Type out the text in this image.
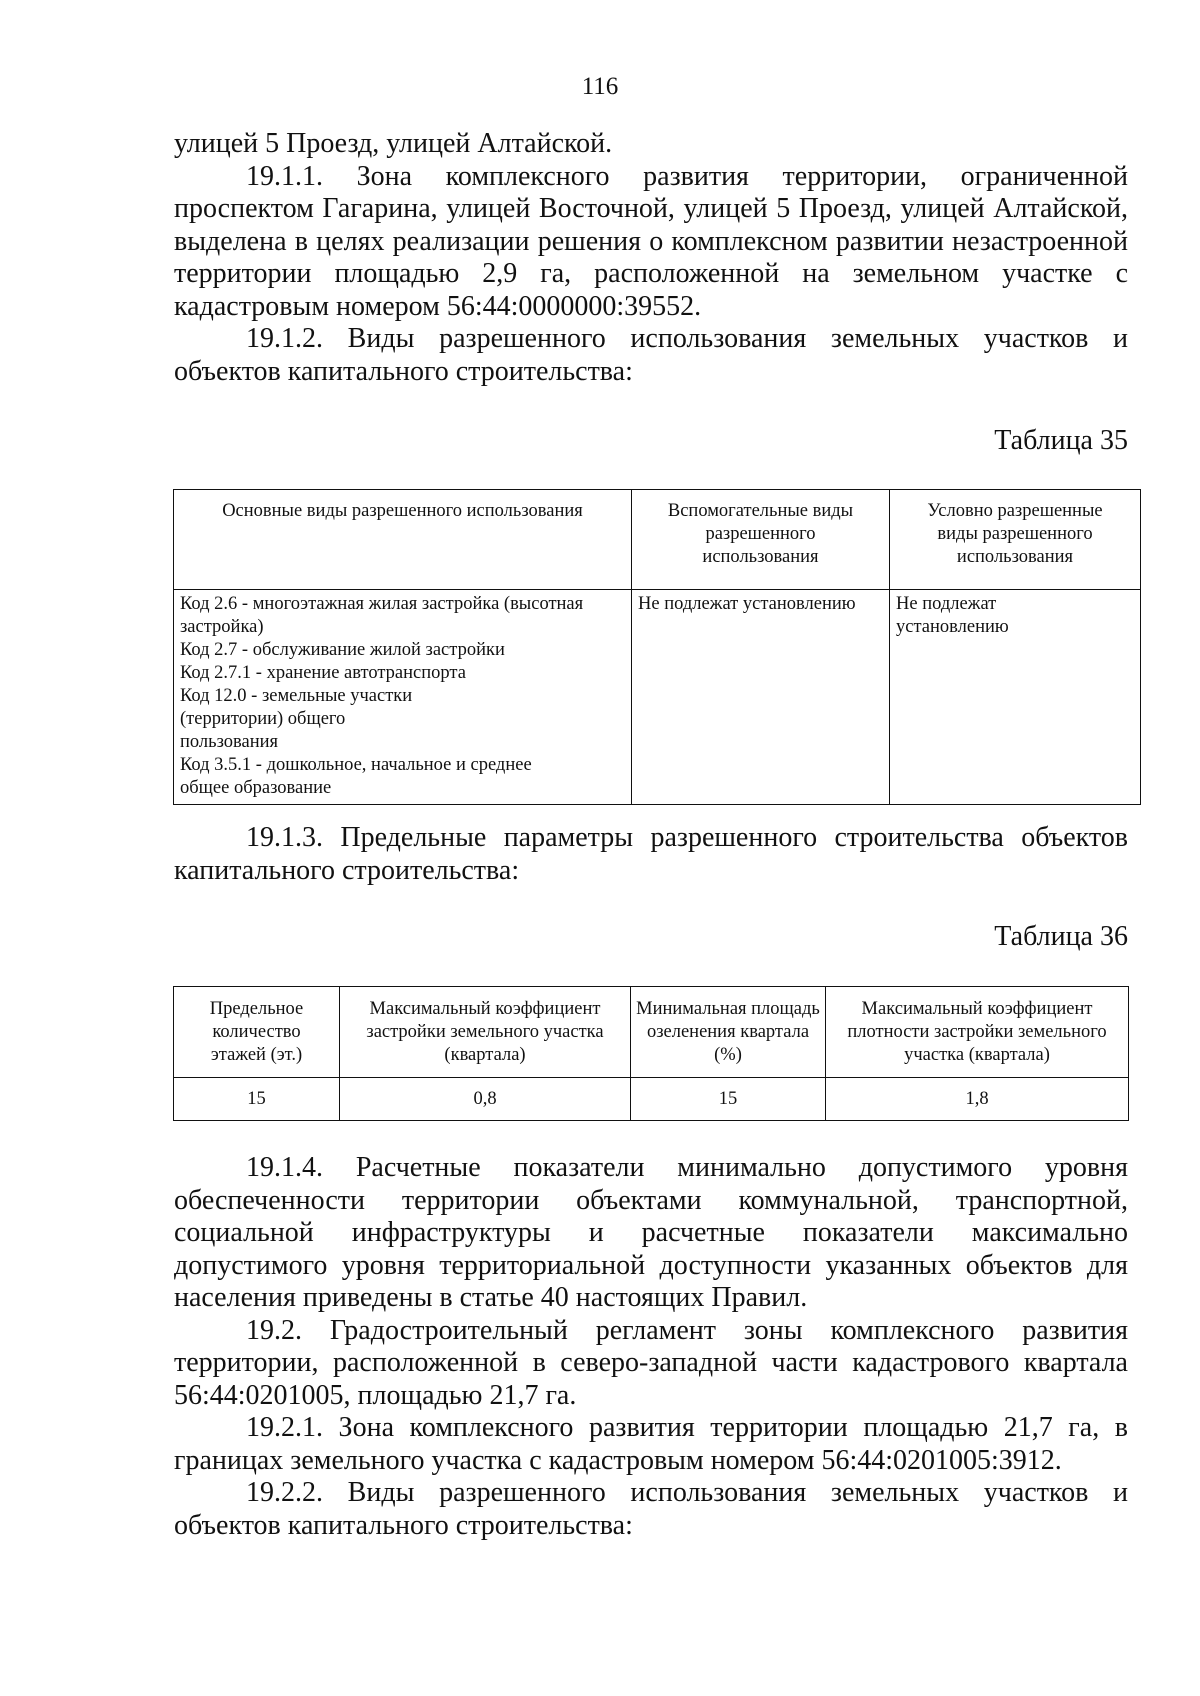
116

улицей 5 Проезд, улицей Алтайской.

19.1.1. Зона комплексного развития территории, ограниченной проспектом Гагарина, улицей Восточной, улицей 5 Проезд, улицей Алтайской, выделена в целях реализации решения о комплексном развитии незастроенной территории площадью 2,9 га, расположенной на земельном участке с кадастровым номером 56:44:0000000:39552.

19.1.2. Виды разрешенного использования земельных участков и объектов капитального строительства:

Таблица 35
Основные виды разрешенного использования	Вспомогательные виды разрешенного использования	Условно разрешенные виды разрешенного использования

Код 2.6 - многоэтажная жилая застройка (высотная застройка)
Код 2.7 - обслуживание жилой застройки
Код 2.7.1 - хранение автотранспорта
Код 12.0 - земельные участки (территории) общего пользования
Код 3.5.1 - дошкольное, начальное и среднее общее образование	Не подлежат установлению	Не подлежат установлению

19.1.3. Предельные параметры разрешенного строительства объектов капитального строительства:

Таблица 36
Предельное количество этажей (эт.)	Максимальный коэффициент застройки земельного участка (квартала)	Минимальная площадь озеленения квартала (%)	Максимальный коэффициент плотности застройки земельного участка (квартала)
15	0,8	15	1,8

19.1.4. Расчетные показатели минимально допустимого уровня обеспеченности территории объектами коммунальной, транспортной, социальной инфраструктуры и расчетные показатели максимально допустимого уровня территориальной доступности указанных объектов для населения приведены в статье 40 настоящих Правил.

19.2. Градостроительный регламент зоны комплексного развития территории, расположенной в северо-западной части кадастрового квартала 56:44:0201005, площадью 21,7 га.

19.2.1. Зона комплексного развития территории площадью 21,7 га, в границах земельного участка с кадастровым номером 56:44:0201005:3912.

19.2.2. Виды разрешенного использования земельных участков и объектов капитального строительства:
